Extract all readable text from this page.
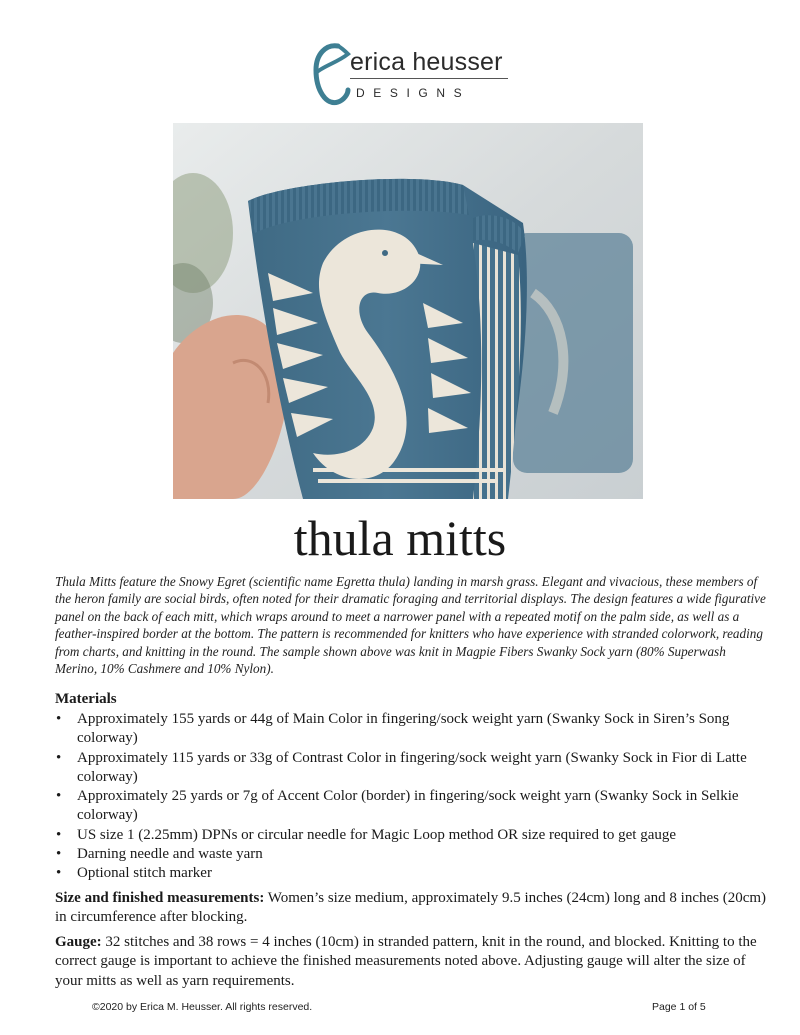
erica heusser
DESIGNS
thula mitts
Thula Mitts feature the Snowy Egret (scientific name Egretta thula) landing in marsh grass. Elegant and vivacious, these members of the heron family are social birds, often noted for their dramatic foraging and territorial displays. The design features a wide figurative panel on the back of each mitt, which wraps around to meet a narrower panel with a repeated motif on the palm side, as well as a feather-inspired border at the bottom. The pattern is recommended for knitters who have experience with stranded colorwork, reading from charts, and knitting in the round. The sample shown above was knit in Magpie Fibers Swanky Sock yarn (80% Superwash Merino, 10% Cashmere and 10% Nylon).
Materials
• Approximately 155 yards or 44g of Main Color in fingering/sock weight yarn (Swanky Sock in Siren’s Song colorway)
• Approximately 115 yards or 33g of Contrast Color in fingering/sock weight yarn (Swanky Sock in Fior di Latte colorway)
• Approximately 25 yards or 7g of Accent Color (border) in fingering/sock weight yarn (Swanky Sock in Selkie colorway)
• US size 1 (2.25mm) DPNs or circular needle for Magic Loop method OR size required to get gauge
• Darning needle and waste yarn
• Optional stitch marker
Size and finished measurements: Women’s size medium, approximately 9.5 inches (24cm) long and 8 inches (20cm) in circumference after blocking.
Gauge: 32 stitches and 38 rows = 4 inches (10cm) in stranded pattern, knit in the round, and blocked. Knitting to the correct gauge is important to achieve the finished measurements noted above. Adjusting gauge will alter the size of your mitts as well as yarn requirements.
©2020 by Erica M. Heusser. All rights reserved.	Page 1 of 5
